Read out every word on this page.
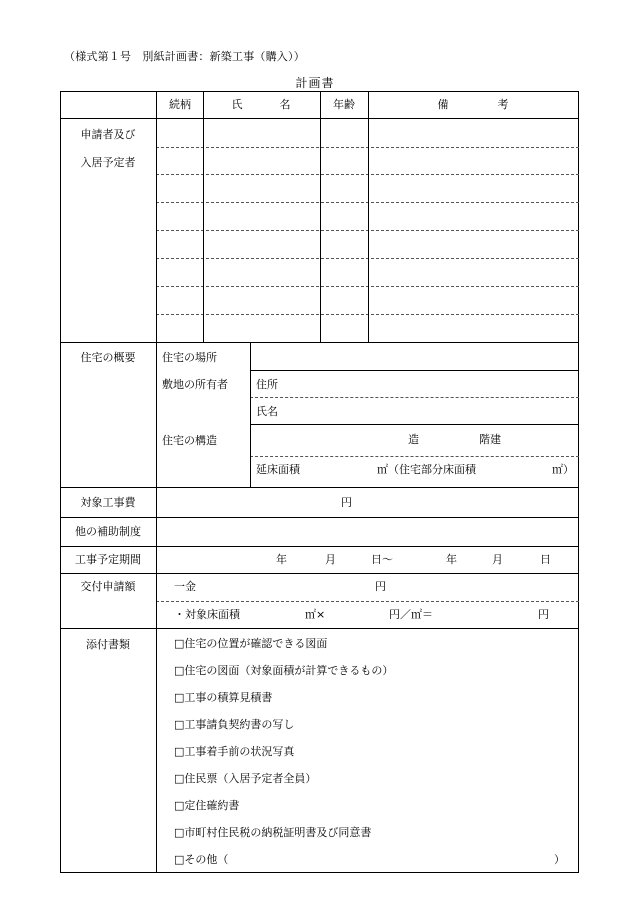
（様式第１号　別紙計画書：新築工事（購入））
計画書
続柄	氏	名	年齢	備	考
申請者及び
入居予定者
住宅の概要 住宅の場所
敷地の所有者	住所
氏名
住宅の構造	造	階建
延床面積	㎡（住宅部分床面積	㎡）
対象工事費	円
他の補助制度
工事予定期間	年	月	日～	年	月	日
交付申請額	一金	円
・対象床面積	㎡×	円／㎡＝	円
添付書類	□住宅の位置が確認できる図面
□住宅の図面（対象面積が計算できるもの）
□工事の積算見積書
□工事請負契約書の写し
□工事着手前の状況写真
□住民票（入居予定者全員）
□定住確約書
□市町村住民税の納税証明書及び同意書
□その他（	）
